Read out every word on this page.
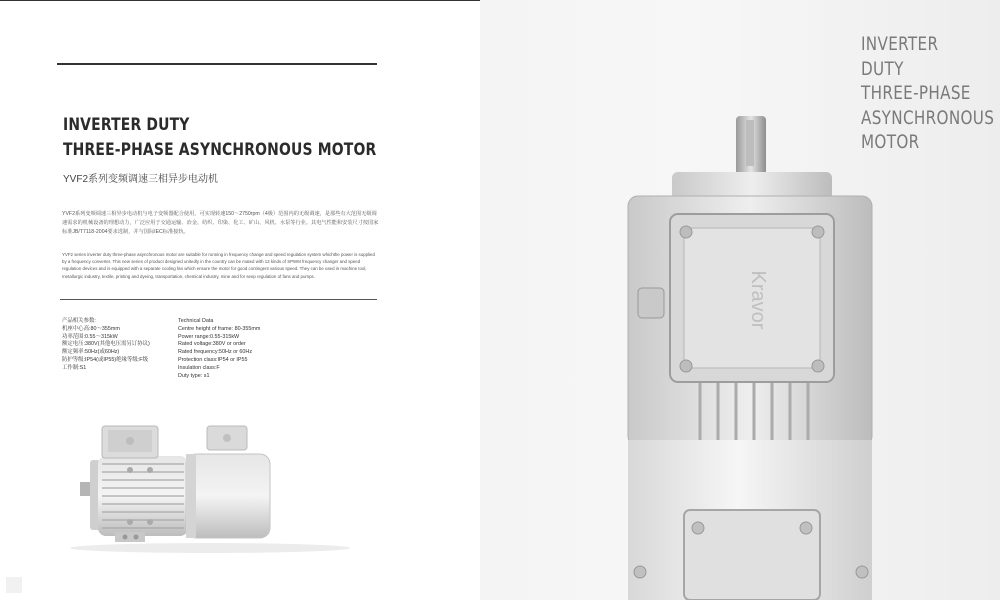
INVERTER DUTY
THREE-PHASE ASYNCHRONOUS MOTOR
YVF2系列变频调速三相异步电动机
YVF2系列变频调速三相异步电动机与电子变频器配合使用，可实现转速150～2750rpm（4极）范围内的无级调速，是那些有大范围无级调速需求的机械设备的理想动力，广泛应用于交通运输、冶金、纺织、印染、化工、矿山、风机、水泵等行业。其电气性能和安装尺寸按国家标准JB/T7118-2004要求选制，并与国际IEC标准接轨。
YVF2 series inverter duty three-phase asynchronous motor are suitable for running in frequency change and speed regulation system whichthe power is supplied by a frequency converter. This new series of product designed unitedly in the country can be mated with 13 kinds of SPWM frequency changer and speed regulation devices and is equipped with a separate cooling fan which ensure the motor for good contingent various speed. They can be used in machine tool, metallurgic industry, textile, printing and dyeing, transportation, chemical industry, mine and for seep regulation of fans and pumps.
产品相关参数:
机座中心高:80～355mm
功率范围:0.55～315kW
额定电压:380V(其他电压需另订协议)
额定频率:50Hz(或60Hz)
防护等级:IP54(或IP55)绝缘等级:F级
工作制:S1
Technical Data
Centre height of frame: 80-355mm
Power range:0.55-315kW
Rated voltage:380V or order
Rated frequency:50Hz or 60Hz
Protection class:IP54 or IP55
Insulation class:F
Duty type: s1
Kravor
INVERTER
DUTY
THREE-PHASE
ASYNCHRONOUS
MOTOR
